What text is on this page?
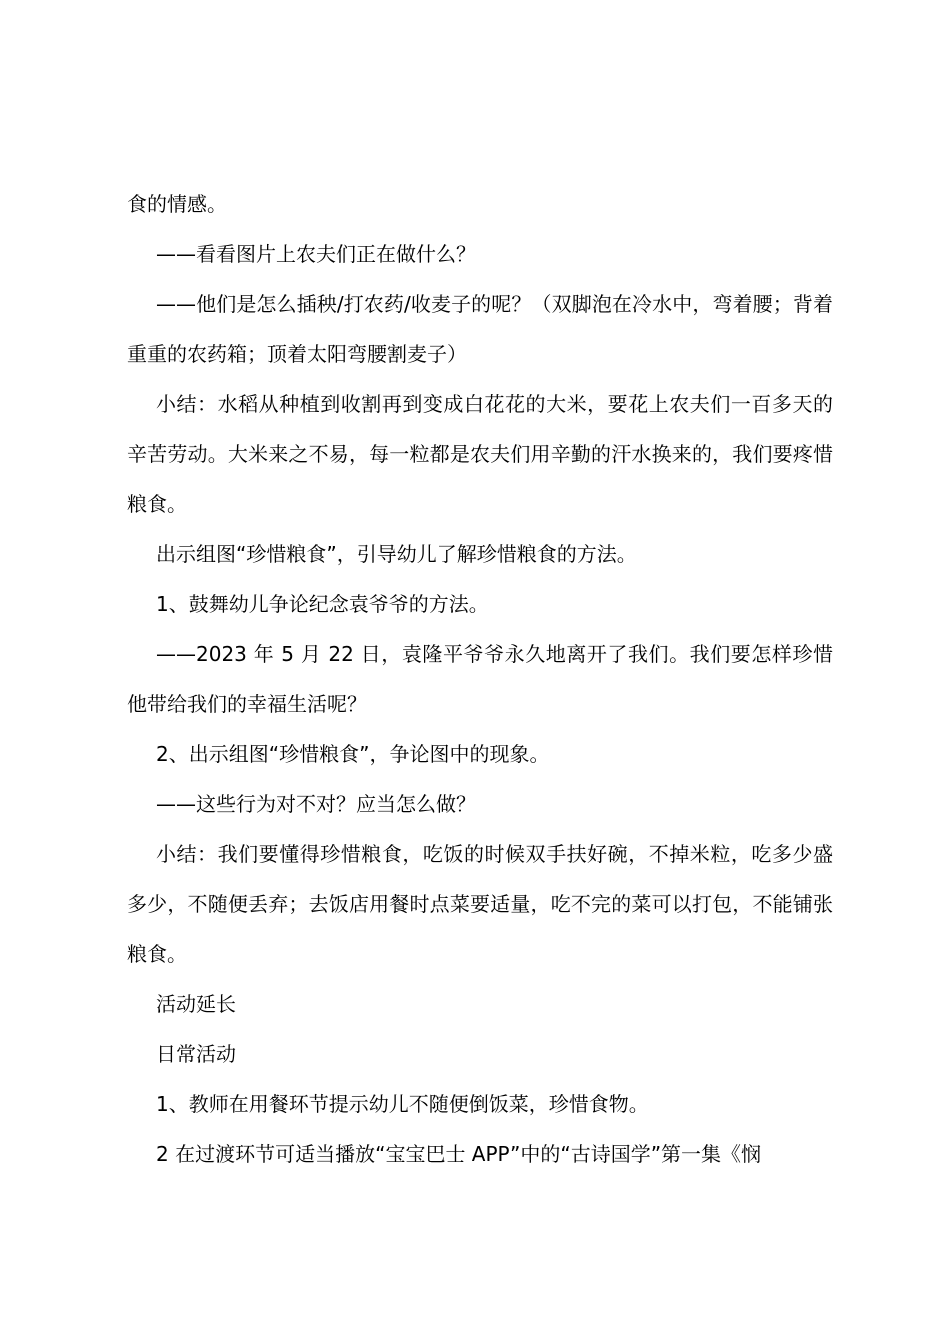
食的情感。

——看看图片上农夫们正在做什么？

——他们是怎么插秧/打农药/收麦子的呢？（双脚泡在冷水中，弯着腰；背着重重的农药箱；顶着太阳弯腰割麦子）

小结：水稻从种植到收割再到变成白花花的大米，要花上农夫们一百多天的辛苦劳动。大米来之不易，每一粒都是农夫们用辛勤的汗水换来的，我们要疼惜粮食。

出示组图“珍惜粮食”，引导幼儿了解珍惜粮食的方法。

1、鼓舞幼儿争论纪念袁爷爷的方法。

——2023 年 5 月 22 日，袁隆平爷爷永久地离开了我们。我们要怎样珍惜他带给我们的幸福生活呢？

2、出示组图“珍惜粮食”，争论图中的现象。

——这些行为对不对？应当怎么做？

小结：我们要懂得珍惜粮食，吃饭的时候双手扶好碗，不掉米粒，吃多少盛多少，不随便丢弃；去饭店用餐时点菜要适量，吃不完的菜可以打包，不能铺张粮食。

活动延长

日常活动

1、教师在用餐环节提示幼儿不随便倒饭菜，珍惜食物。

2 在过渡环节可适当播放“宝宝巴士 APP”中的“古诗国学”第一集《悯
